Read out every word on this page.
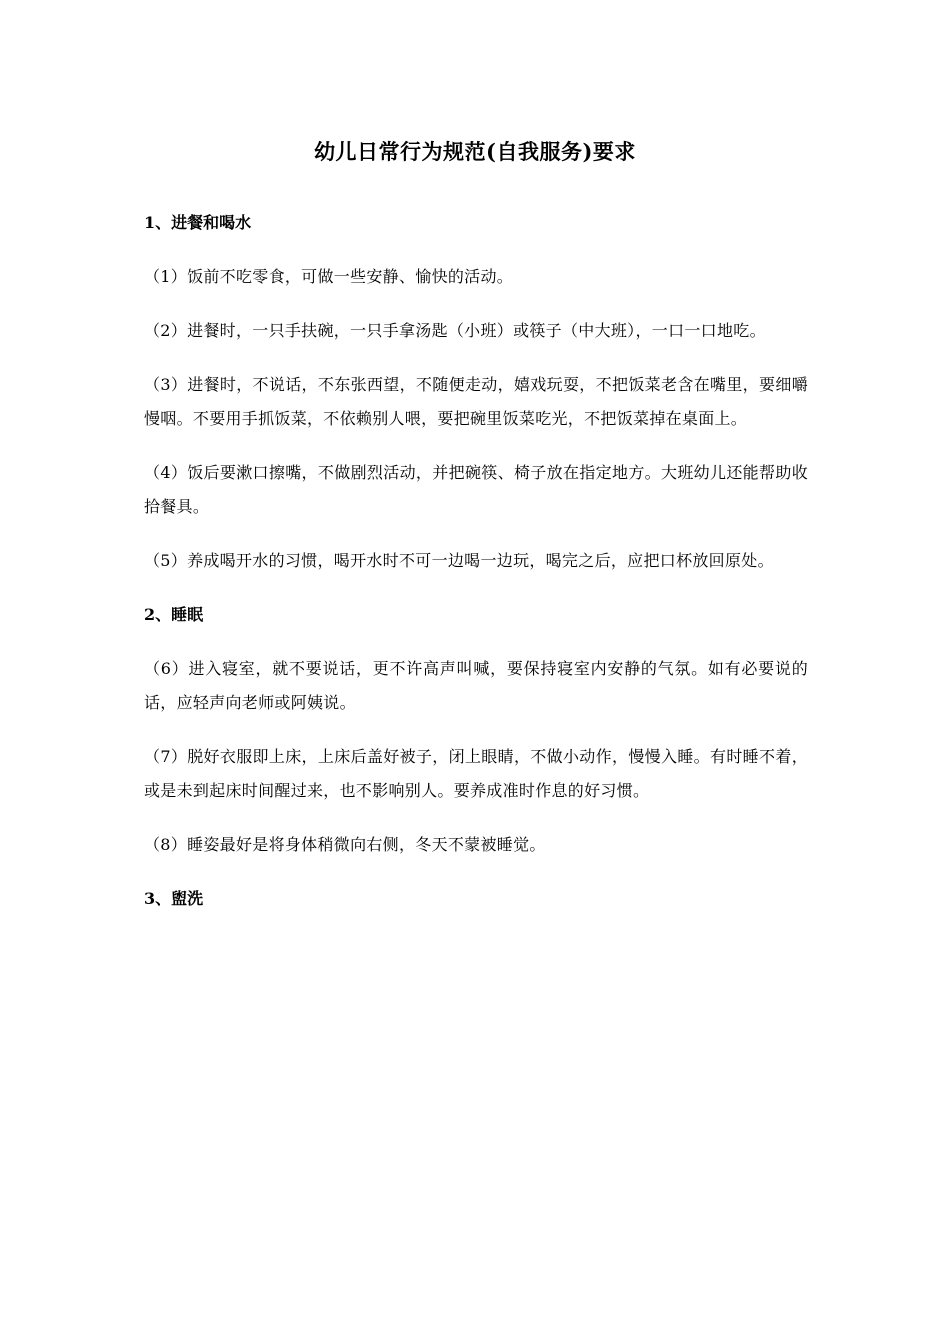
幼儿日常行为规范(自我服务)要求
1、进餐和喝水
（1）饭前不吃零食，可做一些安静、愉快的活动。
（2）进餐时，一只手扶碗，一只手拿汤匙（小班）或筷子（中大班），一口一口地吃。
（3）进餐时，不说话，不东张西望，不随便走动，嬉戏玩耍，不把饭菜老含在嘴里，要细嚼慢咽。不要用手抓饭菜，不依赖别人喂，要把碗里饭菜吃光，不把饭菜掉在桌面上。
（4）饭后要漱口擦嘴，不做剧烈活动，并把碗筷、椅子放在指定地方。大班幼儿还能帮助收拾餐具。
（5）养成喝开水的习惯，喝开水时不可一边喝一边玩，喝完之后，应把口杯放回原处。
2、睡眠
（6）进入寝室，就不要说话，更不许高声叫喊，要保持寝室内安静的气氛。如有必要说的话，应轻声向老师或阿姨说。
（7）脱好衣服即上床，上床后盖好被子，闭上眼睛，不做小动作，慢慢入睡。有时睡不着，或是未到起床时间醒过来，也不影响别人。要养成准时作息的好习惯。
（8）睡姿最好是将身体稍微向右侧，冬天不蒙被睡觉。
3、盥洗
